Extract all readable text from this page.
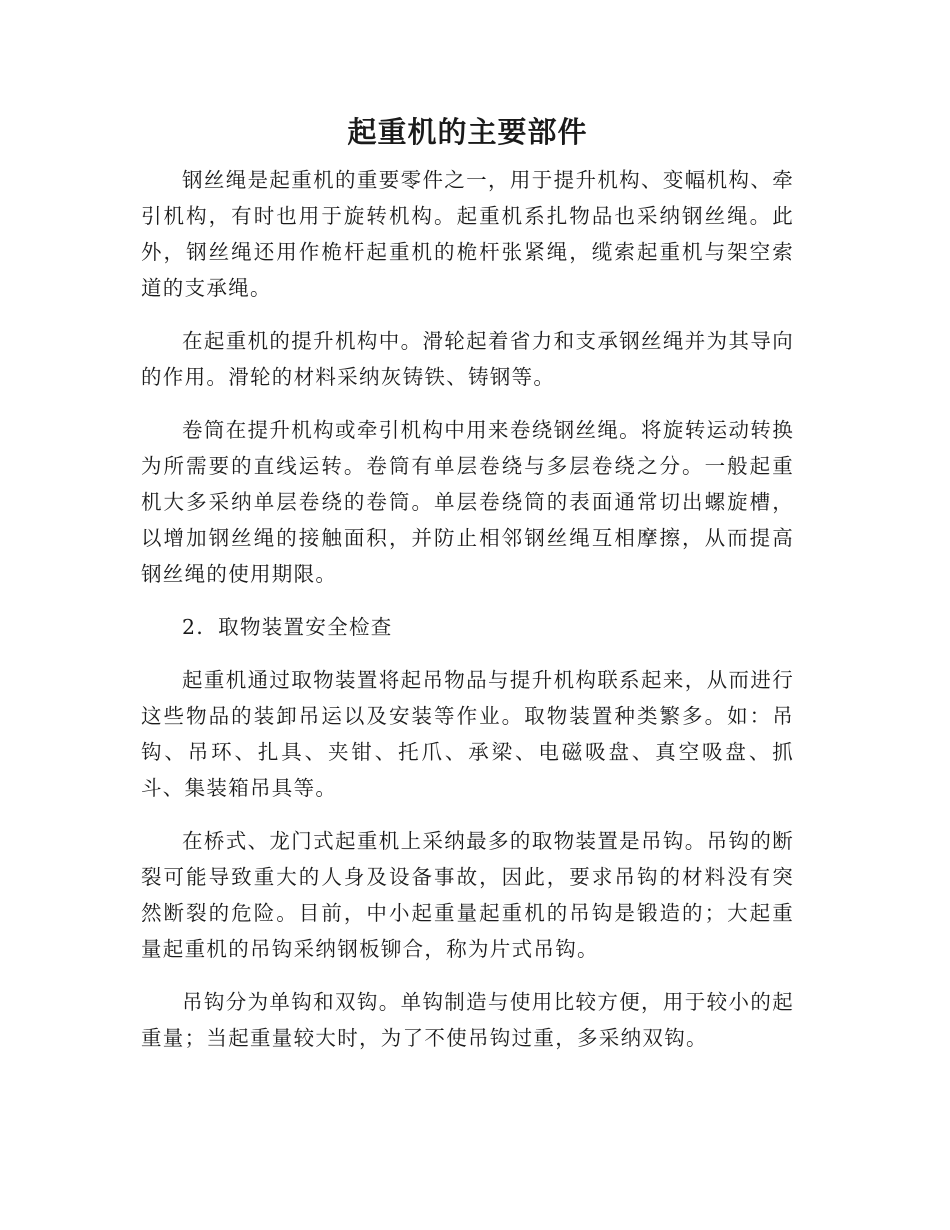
起重机的主要部件

钢丝绳是起重机的重要零件之一，用于提升机构、变幅机构、牵引机构，有时也用于旋转机构。起重机系扎物品也采纳钢丝绳。此外，钢丝绳还用作桅杆起重机的桅杆张紧绳，缆索起重机与架空索道的支承绳。

在起重机的提升机构中。滑轮起着省力和支承钢丝绳并为其导向的作用。滑轮的材料采纳灰铸铁、铸钢等。

卷筒在提升机构或牵引机构中用来卷绕钢丝绳。将旋转运动转换为所需要的直线运转。卷筒有单层卷绕与多层卷绕之分。一般起重机大多采纳单层卷绕的卷筒。单层卷绕筒的表面通常切出螺旋槽，以增加钢丝绳的接触面积，并防止相邻钢丝绳互相摩擦，从而提高钢丝绳的使用期限。

2．取物装置安全检查

起重机通过取物装置将起吊物品与提升机构联系起来，从而进行这些物品的装卸吊运以及安装等作业。取物装置种类繁多。如：吊钩、吊环、扎具、夹钳、托爪、承梁、电磁吸盘、真空吸盘、抓斗、集装箱吊具等。

在桥式、龙门式起重机上采纳最多的取物装置是吊钩。吊钩的断裂可能导致重大的人身及设备事故，因此，要求吊钩的材料没有突然断裂的危险。目前，中小起重量起重机的吊钩是锻造的；大起重量起重机的吊钩采纳钢板铆合，称为片式吊钩。

吊钩分为单钩和双钩。单钩制造与使用比较方便，用于较小的起重量；当起重量较大时，为了不使吊钩过重，多采纳双钩。
